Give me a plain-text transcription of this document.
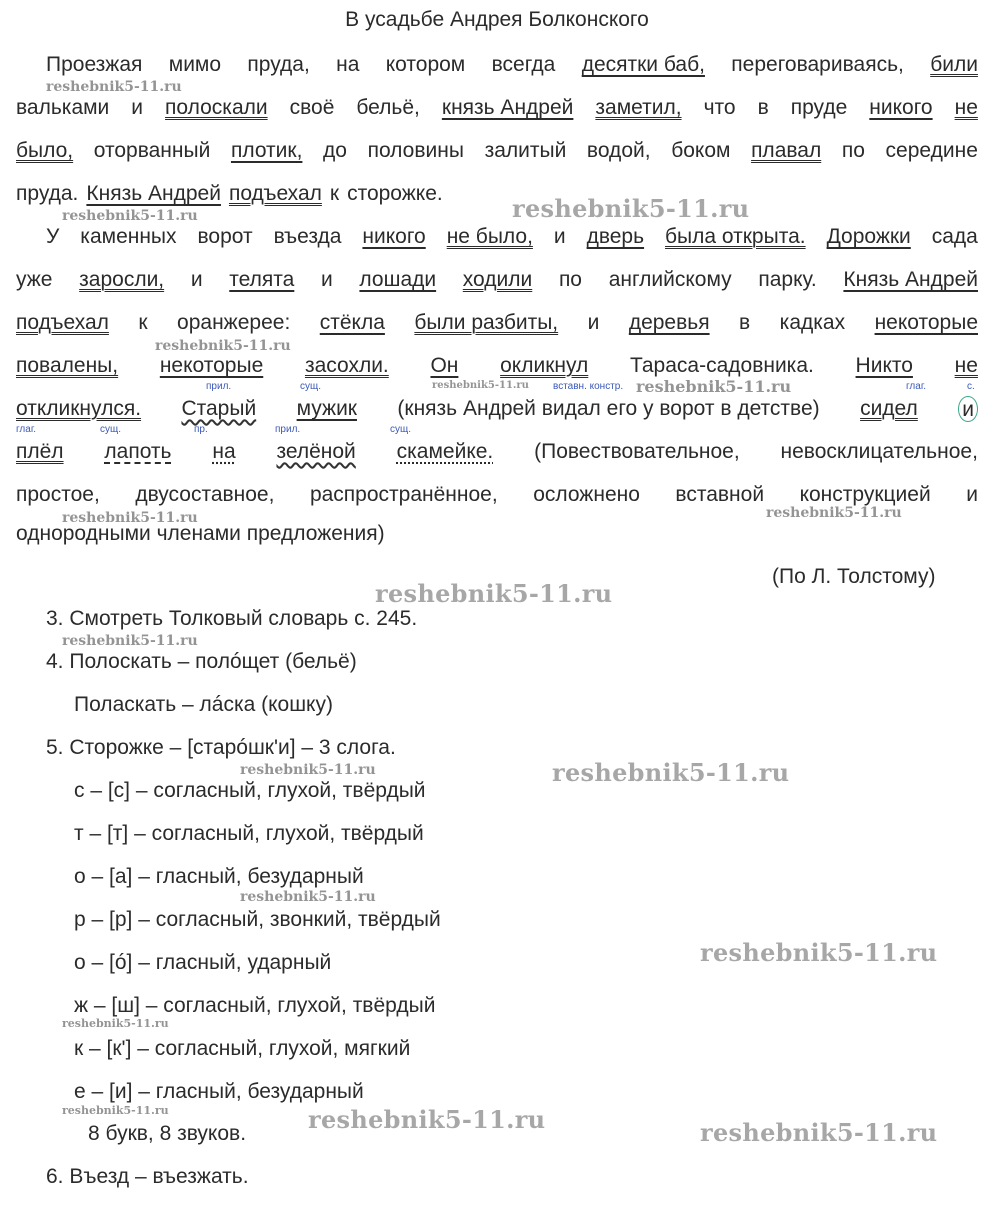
В усадьбе Андрея Болконского
Проезжая мимо пруда, на котором всегда десятки баб, переговариваясь, били
вальками и полоскали своё бельё, князь Андрей заметил, что в пруде никого не
было, оторванный плотик, до половины залитый водой, боком плавал по середине
пруда. Князь Андрей подъехал к сторожке.
У каменных ворот въезда никого не было, и дверь была открыта. Дорожки сада
уже заросли, и телята и лошади ходили по английскому парку. Князь Андрей
подъехал к оранжерее: стёкла были разбиты, и деревья в кадках некоторые
повалены, некоторые засохли. Он окликнул Тараса-садовника. Никто не
прил.	сущ.	вставн. констр.	глаг.	с.
откликнулся. Старый мужик (князь Андрей видал его у ворот в детстве) сидел и
глаг.	сущ.	пр.	прил.	сущ.
плёл лапоть на зелёной скамейке. (Повествовательное, невосклицательное,
простое, двусоставное, распространённое, осложнено вставной конструкцией и
однородными членами предложения)
(По Л. Толстому)
3. Смотреть Толковый словарь с. 245.
4. Полоскать – полóщет (бельё)
Поласкать – лáска (кошку)
5. Сторожке – [старóшк'и] – 3 слога.
с – [с] – согласный, глухой, твёрдый
т – [т] – согласный, глухой, твёрдый
о – [а] – гласный, безударный
р – [р] – согласный, звонкий, твёрдый
о – [ó] – гласный, ударный
ж – [ш] – согласный, глухой, твёрдый
к – [к'] – согласный, глухой, мягкий
е – [и] – гласный, безударный
8 букв, 8 звуков.
6. Въезд – въезжать.
reshebnik5-11.ru
reshebnik5-11.ru	reshebnik5-11.ru
reshebnik5-11.ru
reshebnik5-11.ru	reshebnik5-11.ru
reshebnik5-11.ru	reshebnik5-11.ru
reshebnik5-11.ru
reshebnik5-11.ru
reshebnik5-11.ru	reshebnik5-11.ru
reshebnik5-11.ru
reshebnik5-11.ru
reshebnik5-11.ru
reshebnik5-11.ru	reshebnik5-11.ru	reshebnik5-11.ru
